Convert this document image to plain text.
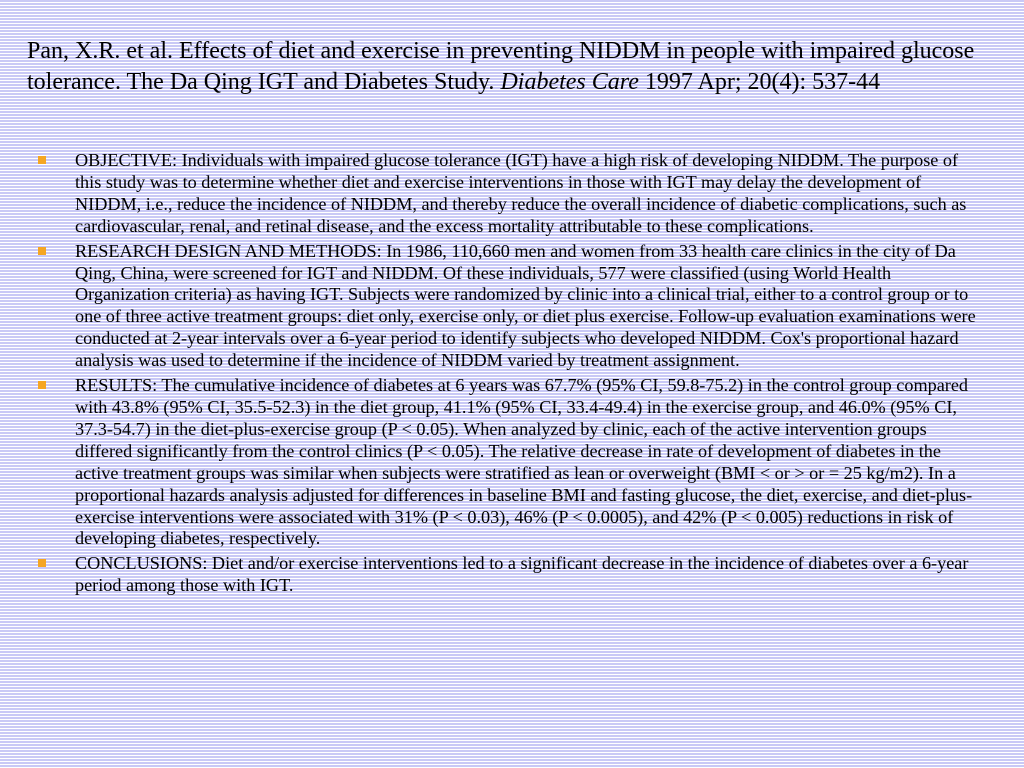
Pan, X.R. et al. Effects of diet and exercise in preventing NIDDM in people with impaired glucose tolerance. The Da Qing IGT and Diabetes Study. Diabetes Care 1997 Apr; 20(4): 537-44
OBJECTIVE: Individuals with impaired glucose tolerance (IGT) have a high risk of developing NIDDM. The purpose of this study was to determine whether diet and exercise interventions in those with IGT may delay the development of NIDDM, i.e., reduce the incidence of NIDDM, and thereby reduce the overall incidence of diabetic complications, such as cardiovascular, renal, and retinal disease, and the excess mortality attributable to these complications.
RESEARCH DESIGN AND METHODS: In 1986, 110,660 men and women from 33 health care clinics in the city of Da Qing, China, were screened for IGT and NIDDM. Of these individuals, 577 were classified (using World Health Organization criteria) as having IGT. Subjects were randomized by clinic into a clinical trial, either to a control group or to one of three active treatment groups: diet only, exercise only, or diet plus exercise. Follow-up evaluation examinations were conducted at 2-year intervals over a 6-year period to identify subjects who developed NIDDM. Cox's proportional hazard analysis was used to determine if the incidence of NIDDM varied by treatment assignment.
RESULTS: The cumulative incidence of diabetes at 6 years was 67.7% (95% CI, 59.8-75.2) in the control group compared with 43.8% (95% CI, 35.5-52.3) in the diet group, 41.1% (95% CI, 33.4-49.4) in the exercise group, and 46.0% (95% CI, 37.3-54.7) in the diet-plus-exercise group (P < 0.05). When analyzed by clinic, each of the active intervention groups differed significantly from the control clinics (P < 0.05). The relative decrease in rate of development of diabetes in the active treatment groups was similar when subjects were stratified as lean or overweight (BMI < or > or = 25 kg/m2). In a proportional hazards analysis adjusted for differences in baseline BMI and fasting glucose, the diet, exercise, and diet-plus-exercise interventions were associated with 31% (P < 0.03), 46% (P < 0.0005), and 42% (P < 0.005) reductions in risk of developing diabetes, respectively.
CONCLUSIONS: Diet and/or exercise interventions led to a significant decrease in the incidence of diabetes over a 6-year period among those with IGT.
